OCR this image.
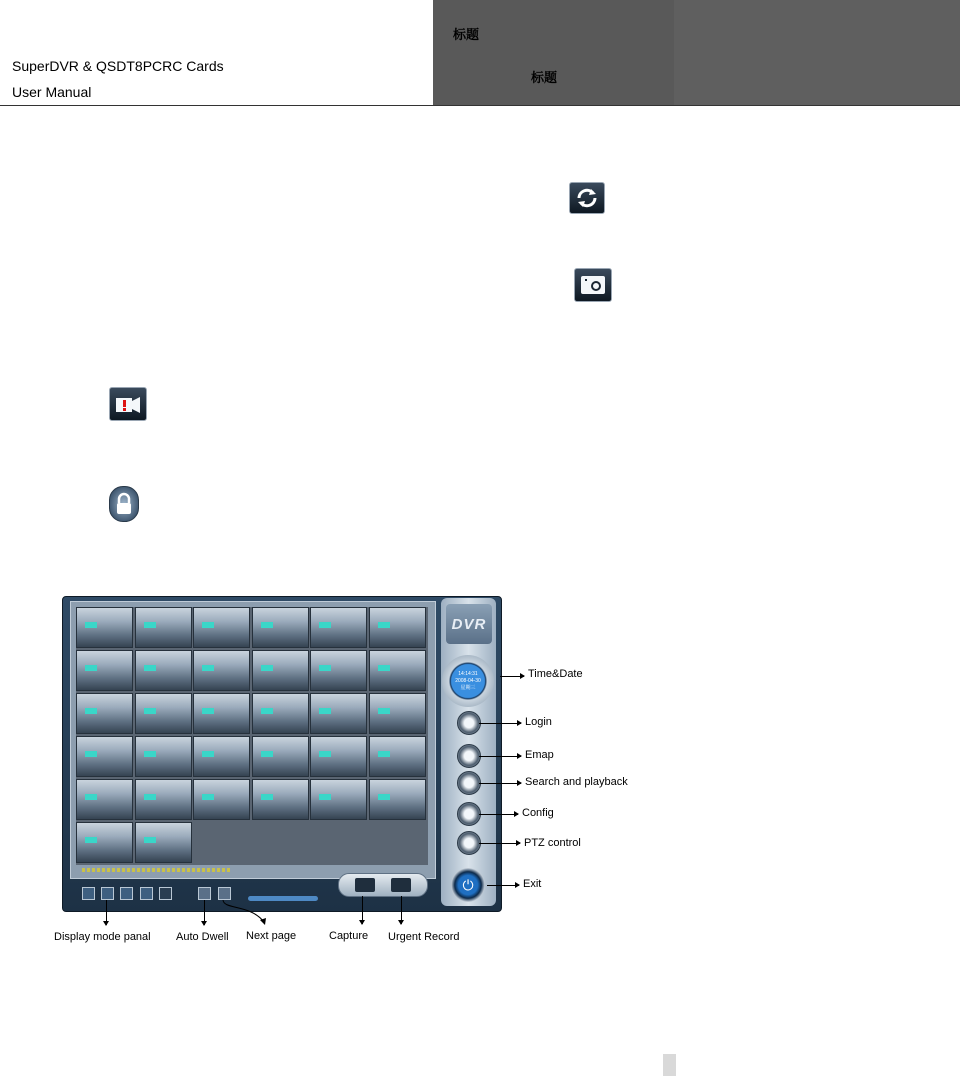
SuperDVR & QSDT8PCRC Cards
User Manual
标题
标题
DVR
14:14:31
2008-04-30
星期三
⏻
Time&Date
Login
Emap
Search and playback
Config
PTZ control
Exit
Display mode panal Auto Dwell Next page	Capture Urgent Record
